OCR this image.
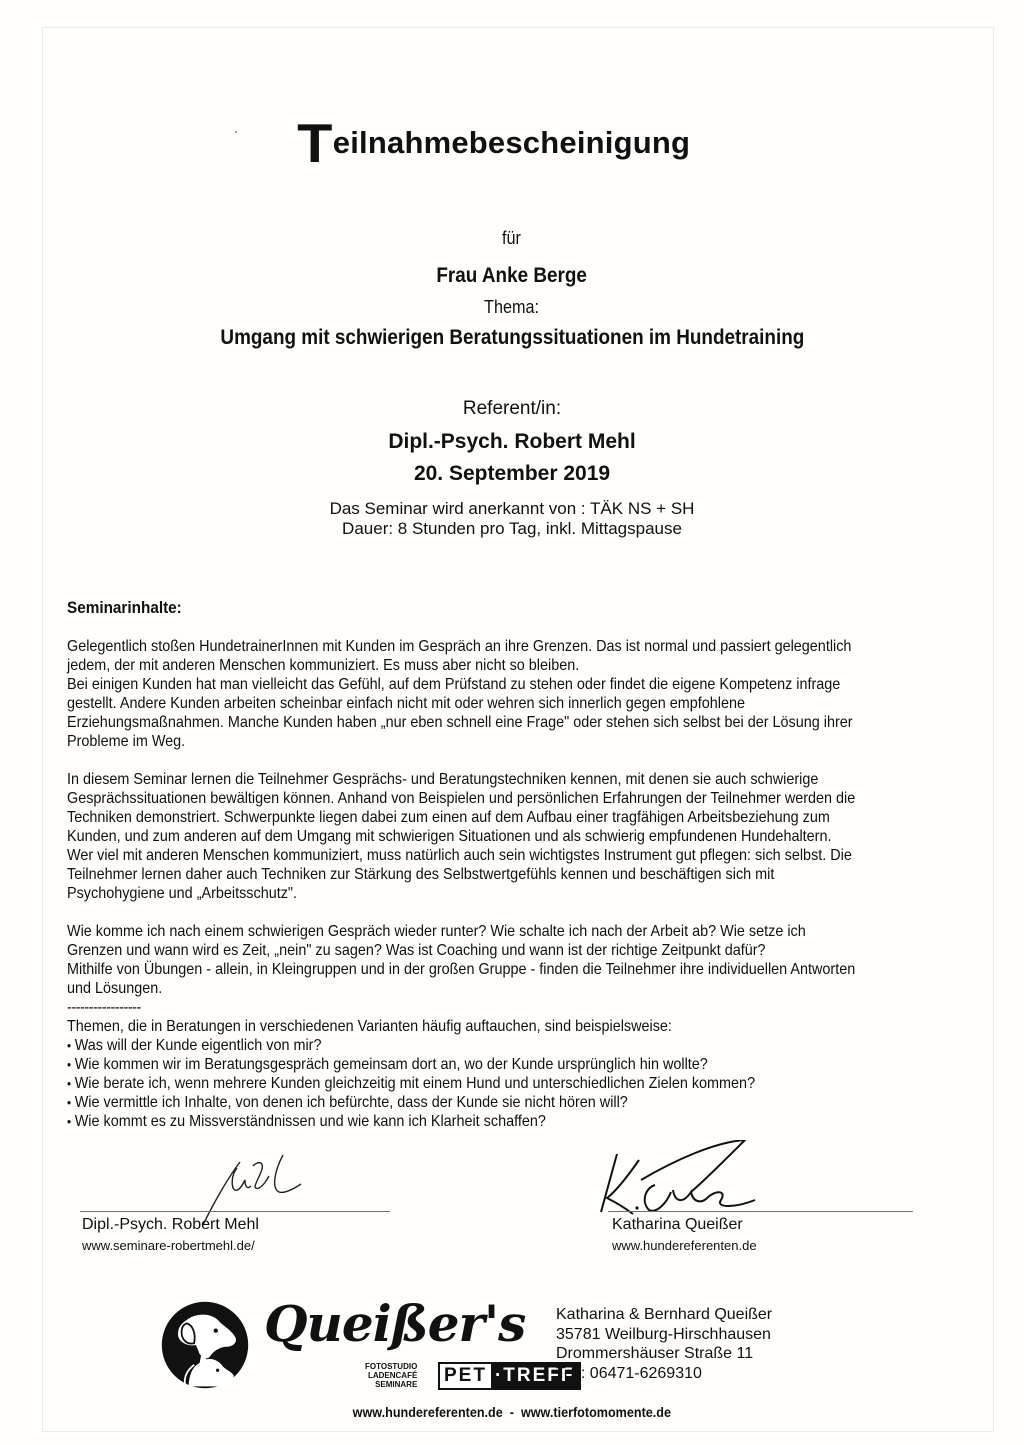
Teilnahmebescheinigung
für
Frau Anke Berge
Thema:
Umgang mit schwierigen Beratungssituationen im Hundetraining
Referent/in:
Dipl.-Psych. Robert Mehl
20. September 2019
Das Seminar wird anerkannt von : TÄK NS + SH
Dauer: 8 Stunden pro Tag, inkl. Mittagspause
Seminarinhalte:

Gelegentlich stoßen HundetrainerInnen mit Kunden im Gespräch an ihre Grenzen. Das ist normal und passiert gelegentlich
jedem, der mit anderen Menschen kommuniziert. Es muss aber nicht so bleiben.
Bei einigen Kunden hat man vielleicht das Gefühl, auf dem Prüfstand zu stehen oder findet die eigene Kompetenz infrage
gestellt. Andere Kunden arbeiten scheinbar einfach nicht mit oder wehren sich innerlich gegen empfohlene
Erziehungsmaßnahmen. Manche Kunden haben „nur eben schnell eine Frage" oder stehen sich selbst bei der Lösung ihrer
Probleme im Weg.

In diesem Seminar lernen die Teilnehmer Gesprächs- und Beratungstechniken kennen, mit denen sie auch schwierige
Gesprächssituationen bewältigen können. Anhand von Beispielen und persönlichen Erfahrungen der Teilnehmer werden die
Techniken demonstriert. Schwerpunkte liegen dabei zum einen auf dem Aufbau einer tragfähigen Arbeitsbeziehung zum
Kunden, und zum anderen auf dem Umgang mit schwierigen Situationen und als schwierig empfundenen Hundehaltern.
Wer viel mit anderen Menschen kommuniziert, muss natürlich auch sein wichtigstes Instrument gut pflegen: sich selbst. Die
Teilnehmer lernen daher auch Techniken zur Stärkung des Selbstwertgefühls kennen und beschäftigen sich mit
Psychohygiene und „Arbeitsschutz".

Wie komme ich nach einem schwierigen Gespräch wieder runter? Wie schalte ich nach der Arbeit ab? Wie setze ich
Grenzen und wann wird es Zeit, „nein" zu sagen? Was ist Coaching und wann ist der richtige Zeitpunkt dafür?
Mithilfe von Übungen - allein, in Kleingruppen und in der großen Gruppe - finden die Teilnehmer ihre individuellen Antworten
und Lösungen.

-----------------
Themen, die in Beratungen in verschiedenen Varianten häufig auftauchen, sind beispielsweise:
• Was will der Kunde eigentlich von mir?
• Wie kommen wir im Beratungsgespräch gemeinsam dort an, wo der Kunde ursprünglich hin wollte?
• Wie berate ich, wenn mehrere Kunden gleichzeitig mit einem Hund und unterschiedlichen Zielen kommen?
• Wie vermittle ich Inhalte, von denen ich befürchte, dass der Kunde sie nicht hören will?
• Wie kommt es zu Missverständnissen und wie kann ich Klarheit schaffen?
Dipl.-Psych. Robert Mehl
www.seminare-robertmehl.de/
Katharina Queißer
www.hundereferenten.de
Queißer's
FOTOSTUDIO
LADENCAFÉ
SEMINARE PET ·TREFF
Katharina & Bernhard Queißer
35781 Weilburg-Hirschhausen
Drommershäuser Straße 11
Tel.: 06471-6269310
www.hundereferenten.de  -  www.tierfotomomente.de
